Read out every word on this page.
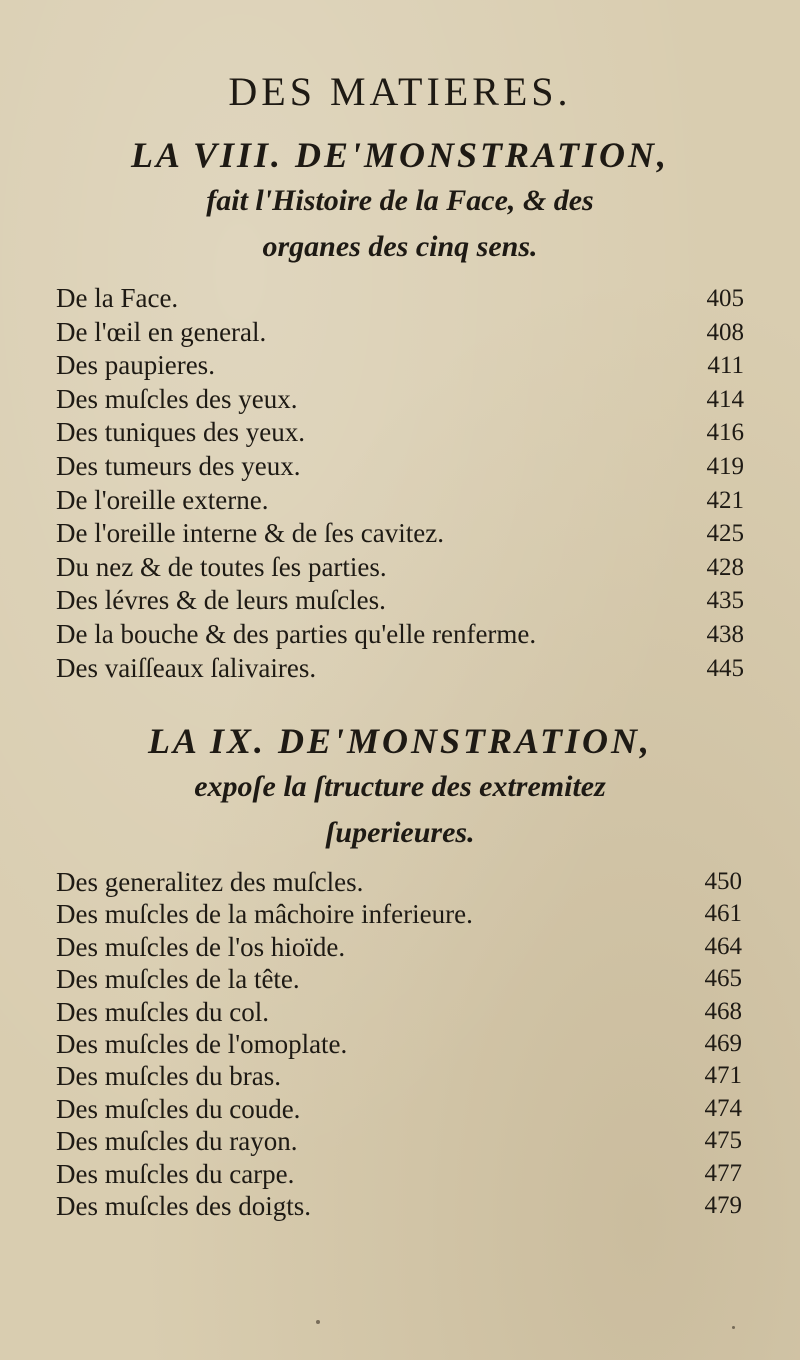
DES MATIERES.
LA VIII. DE'MONSTRATION,
fait l'Histoire de la Face, & des
organes des cinq sens.
De la Face.	405
De l'œil en general.	408
Des paupieres.	411
Des muſcles des yeux.	414
Des tuniques des yeux.	416
Des tumeurs des yeux.	419
De l'oreille externe.	421
De l'oreille interne & de ſes cavitez.	425
Du nez & de toutes ſes parties.	428
Des lévres & de leurs muſcles.	435
De la bouche & des parties qu'elle renferme.	438
Des vaiſſeaux ſalivaires.	445
LA IX. DE'MONSTRATION,
expoſe la ſtructure des extremitez
ſuperieures.
Des generalitez des muſcles.	450
Des muſcles de la mâchoire inferieure.	461
Des muſcles de l'os hioïde.	464
Des muſcles de la tête.	465
Des muſcles du col.	468
Des muſcles de l'omoplate.	469
Des muſcles du bras.	471
Des muſcles du coude.	474
Des muſcles du rayon.	475
Des muſcles du carpe.	477
Des muſcles des doigts.	479
